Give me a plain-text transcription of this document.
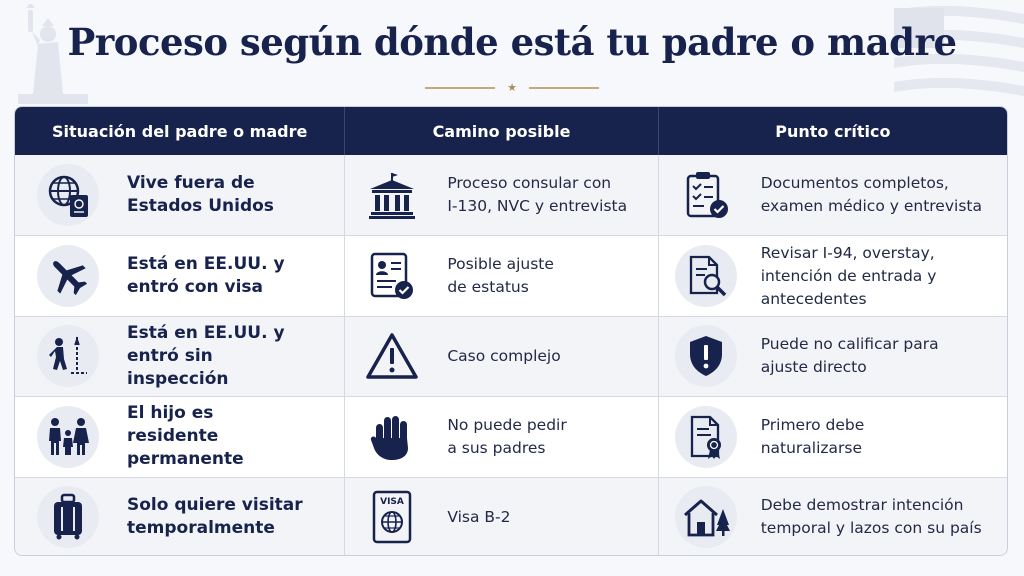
Proceso según dónde está tu padre o madre
★
Situación del padre o madre	Camino posible	Punto crítico
Vive fuera de
Estados Unidos
Proceso consular con
I-130, NVC y entrevista
Documentos completos,
examen médico y entrevista
Está en EE.UU. y
entró con visa
Posible ajuste
de estatus
Revisar I-94, overstay,
intención de entrada y
antecedentes
Está en EE.UU. y
entró sin inspección
Caso complejo
Puede no calificar para
ajuste directo
El hijo es residente
permanente
No puede pedir
a sus padres
Primero debe
naturalizarse
Solo quiere visitar
temporalmente
VISA
Visa B-2
Debe demostrar intención
temporal y lazos con su país
